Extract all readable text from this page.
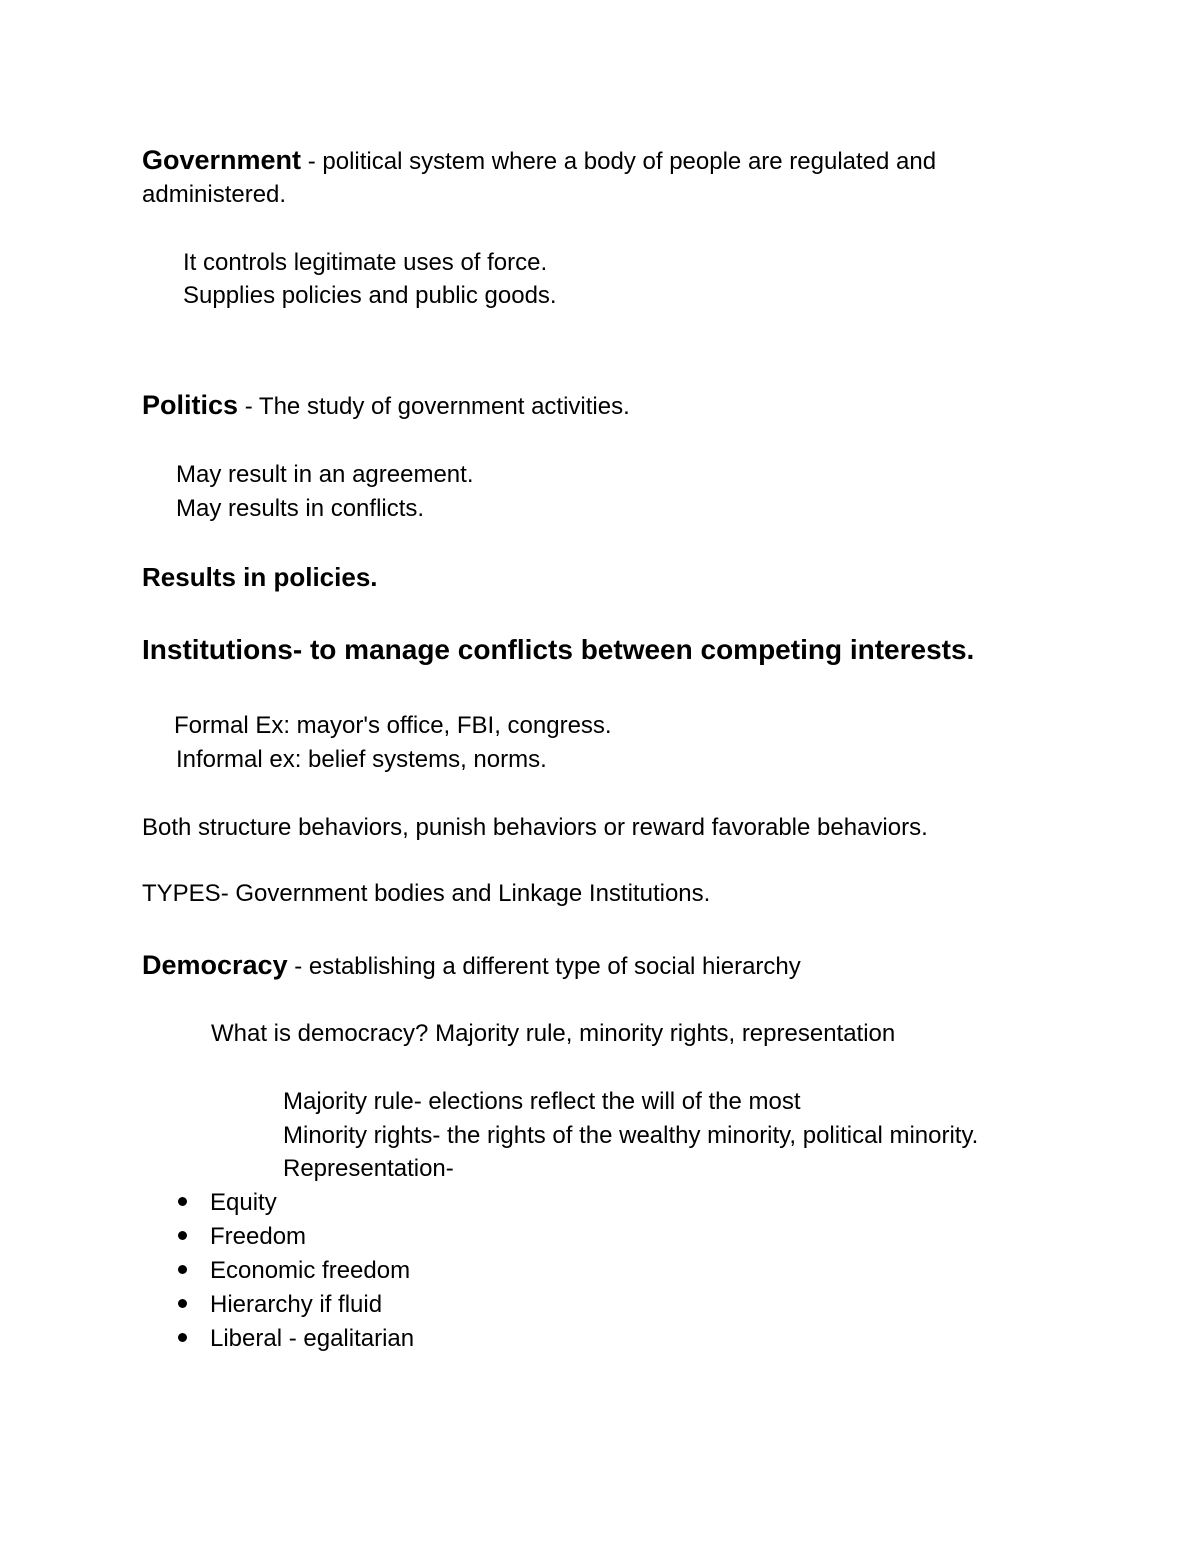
Government - political system where a body of people are regulated and
administered.
It controls legitimate uses of force.
Supplies policies and public goods.
Politics - The study of government activities.
May result in an agreement.
May results in conflicts.
Results in policies.
Institutions- to manage conflicts between competing interests.
Formal Ex: mayor's office, FBI, congress.
Informal ex: belief systems, norms.
Both structure behaviors, punish behaviors or reward favorable behaviors.
TYPES- Government bodies and Linkage Institutions.
Democracy - establishing a different type of social hierarchy
What is democracy? Majority rule, minority rights, representation
Majority rule- elections reflect the will of the most
Minority rights- the rights of the wealthy minority, political minority.
Representation-
Equity
Freedom
Economic freedom
Hierarchy if fluid
Liberal - egalitarian
